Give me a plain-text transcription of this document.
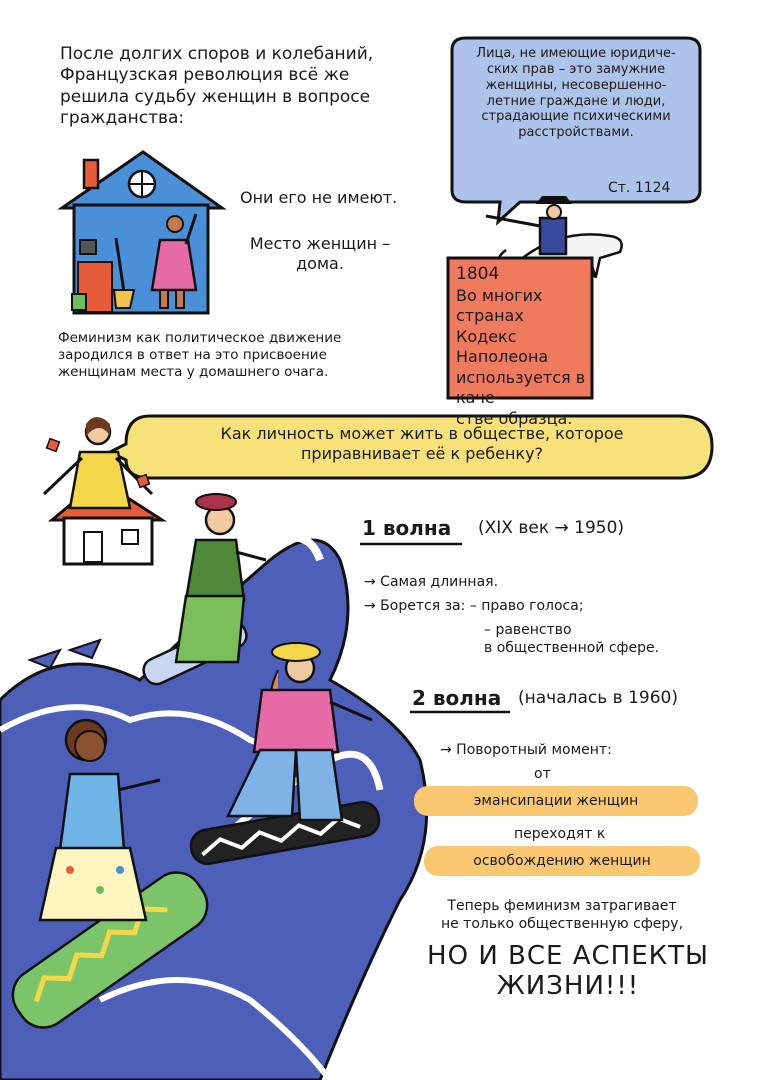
После долгих споров и колебаний,
Французская революция всё же
решила судьбу женщин в вопросе
гражданства:
Они его не имеют.
Место женщин –
дома.
Феминизм как политическое движение
зародился в ответ на это присвоение
женщинам места у домашнего очага.
Лица, не имеющие юридиче-
ских прав – это замужние
женщины, несовершенно-
летние граждане и люди,
страдающие психическими
расстройствами.
Ст. 1124
1804
Во многих странах
Кодекс Наполеона
используется в каче-
стве образца.
Как личность может жить в обществе, которое
приравнивает её к ребенку?
1 волна (XIX век → 1950)
→ Самая длинная.
→ Борется за: – право голоса;
– равенство
в общественной сфере.
2 волна (началась в 1960)
→ Поворотный момент:
от
эмансипации женщин
переходят к
освобождению женщин
Теперь феминизм затрагивает
не только общественную сферу,
НО И ВСЕ АСПЕКТЫ
ЖИЗНИ!!!
